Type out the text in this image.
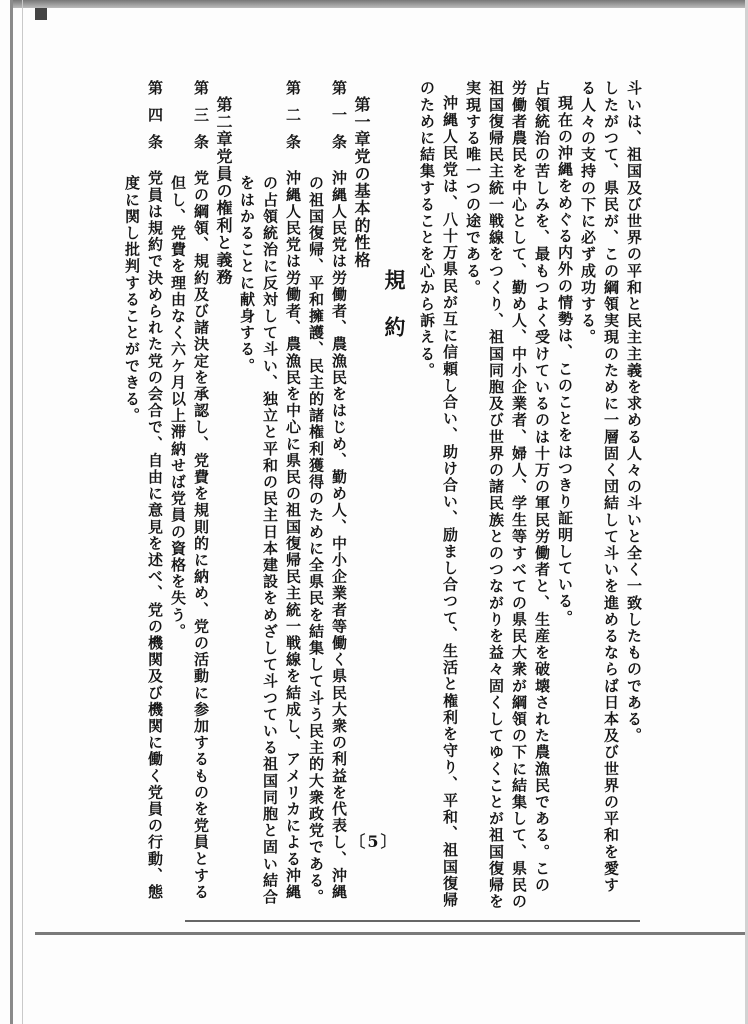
斗いは、祖国及び世界の平和と民主主義を求める人々の斗いと全く一致したものである。
したがつて、県民が、この綱領実現のために一層固く団結して斗いを進めるならば日本及び世界の平和を愛す
る人々の支持の下に必ず成功する。
現在の沖縄をめぐる内外の情勢は、このことをはつきり証明している。
占領統治の苦しみを、最もつよく受けているのは十万の軍民労働者と、生産を破壊された農漁民である。この
労働者農民を中心として、勤め人、中小企業者、婦人、学生等すべての県民大衆が綱領の下に結集して、県民の
祖国復帰民主統一戦線をつくり、祖国同胞及び世界の諸民族とのつながりを益々固くしてゆくことが祖国復帰を
実現する唯一つの途である。
沖縄人民党は、八十万県民が互に信頼し合い、助け合い、励まし合つて、生活と権利を守り、平和、祖国復帰
のために結集することを心から訴える。
規約
第一章党の基本的性格
第一条沖縄人民党は労働者、農漁民をはじめ、勤め人、中小企業者等働く県民大衆の利益を代表し、沖縄
の祖国復帰、平和擁護、民主的諸権利獲得のために全県民を結集して斗う民主的大衆政党である。
第二条沖縄人民党は労働者、農漁民を中心に県民の祖国復帰民主統一戦線を結成し、アメリカによる沖縄
の占領統治に反対して斗い、独立と平和の民主日本建設をめざして斗つている祖国同胞と固い結合
をはかることに献身する。
第二章党員の権利と義務
第三条党の綱領、規約及び諸決定を承認し、党費を規則的に納め、党の活動に参加するものを党員とする
但し、党費を理由なく六ケ月以上滞納せば党員の資格を失う。
第四条党員は規約で決められた党の会合で、自由に意見を述べ、党の機関及び機関に働く党員の行動、態
度に関し批判することができる。
〔5〕
